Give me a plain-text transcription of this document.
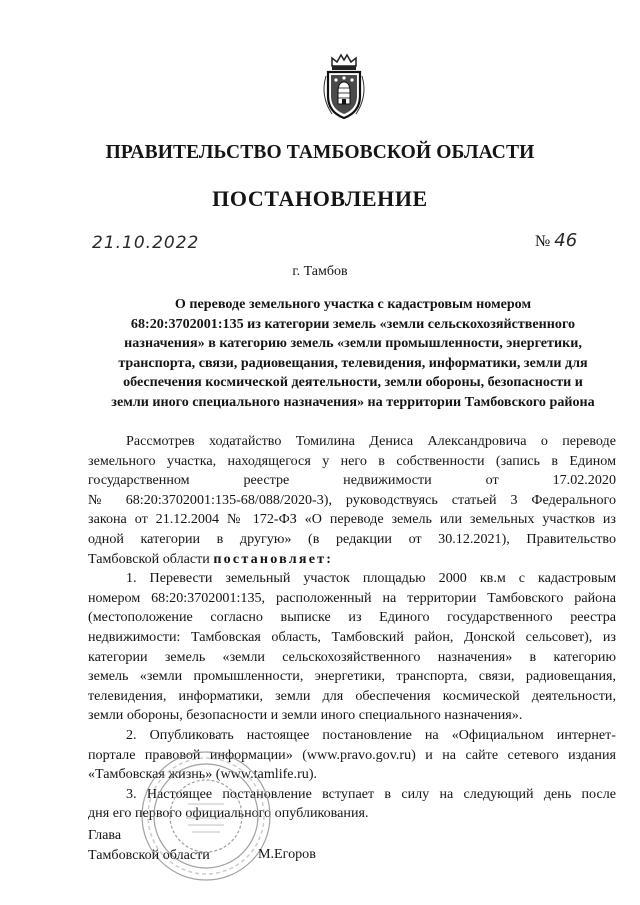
ПРАВИТЕЛЬСТВО ТАМБОВСКОЙ ОБЛАСТИ
ПОСТАНОВЛЕНИЕ
21.10.2022	№ 46
г. Тамбов
О переводе земельного участка с кадастровым номером
68:20:3702001:135 из категории земель «земли сельскохозяйственного
назначения» в категорию земель «земли промышленности, энергетики,
транспорта, связи, радиовещания, телевидения, информатики, земли для
обеспечения космической деятельности, земли обороны, безопасности и
земли иного специального назначения» на территории Тамбовского района

Рассмотрев ходатайство Томилина Дениса Александровича о переводе

земельного участка, находящегося у него в собственности (запись в Едином

государственном реестре недвижимости от 17.02.2020

№ 68:20:3702001:135-68/088/2020-3), руководствуясь статьей 3 Федерального

закона от 21.12.2004 № 172-ФЗ «О переводе земель или земельных участков из

одной категории в другую» (в редакции от 30.12.2021), Правительство

Тамбовской области постановляет:

1. Перевести земельный участок площадью 2000 кв.м с кадастровым

номером 68:20:3702001:135, расположенный на территории Тамбовского района

(местоположение согласно выписке из Единого государственного реестра

недвижимости: Тамбовская область, Тамбовский район, Донской сельсовет), из

категории земель «земли сельскохозяйственного назначения» в категорию

земель «земли промышленности, энергетики, транспорта, связи, радиовещания,

телевидения, информатики, земли для обеспечения космической деятельности,

земли обороны, безопасности и земли иного специального назначения».

2. Опубликовать настоящее постановление на «Официальном интернет-

портале правовой информации» (www.pravo.gov.ru) и на сайте сетевого издания

«Тамбовская жизнь» (www.tamlife.ru).

3. Настоящее постановление вступает в силу на следующий день после

дня его первого официального опубликования.

Глава
Тамбовской области	М.Егоров
